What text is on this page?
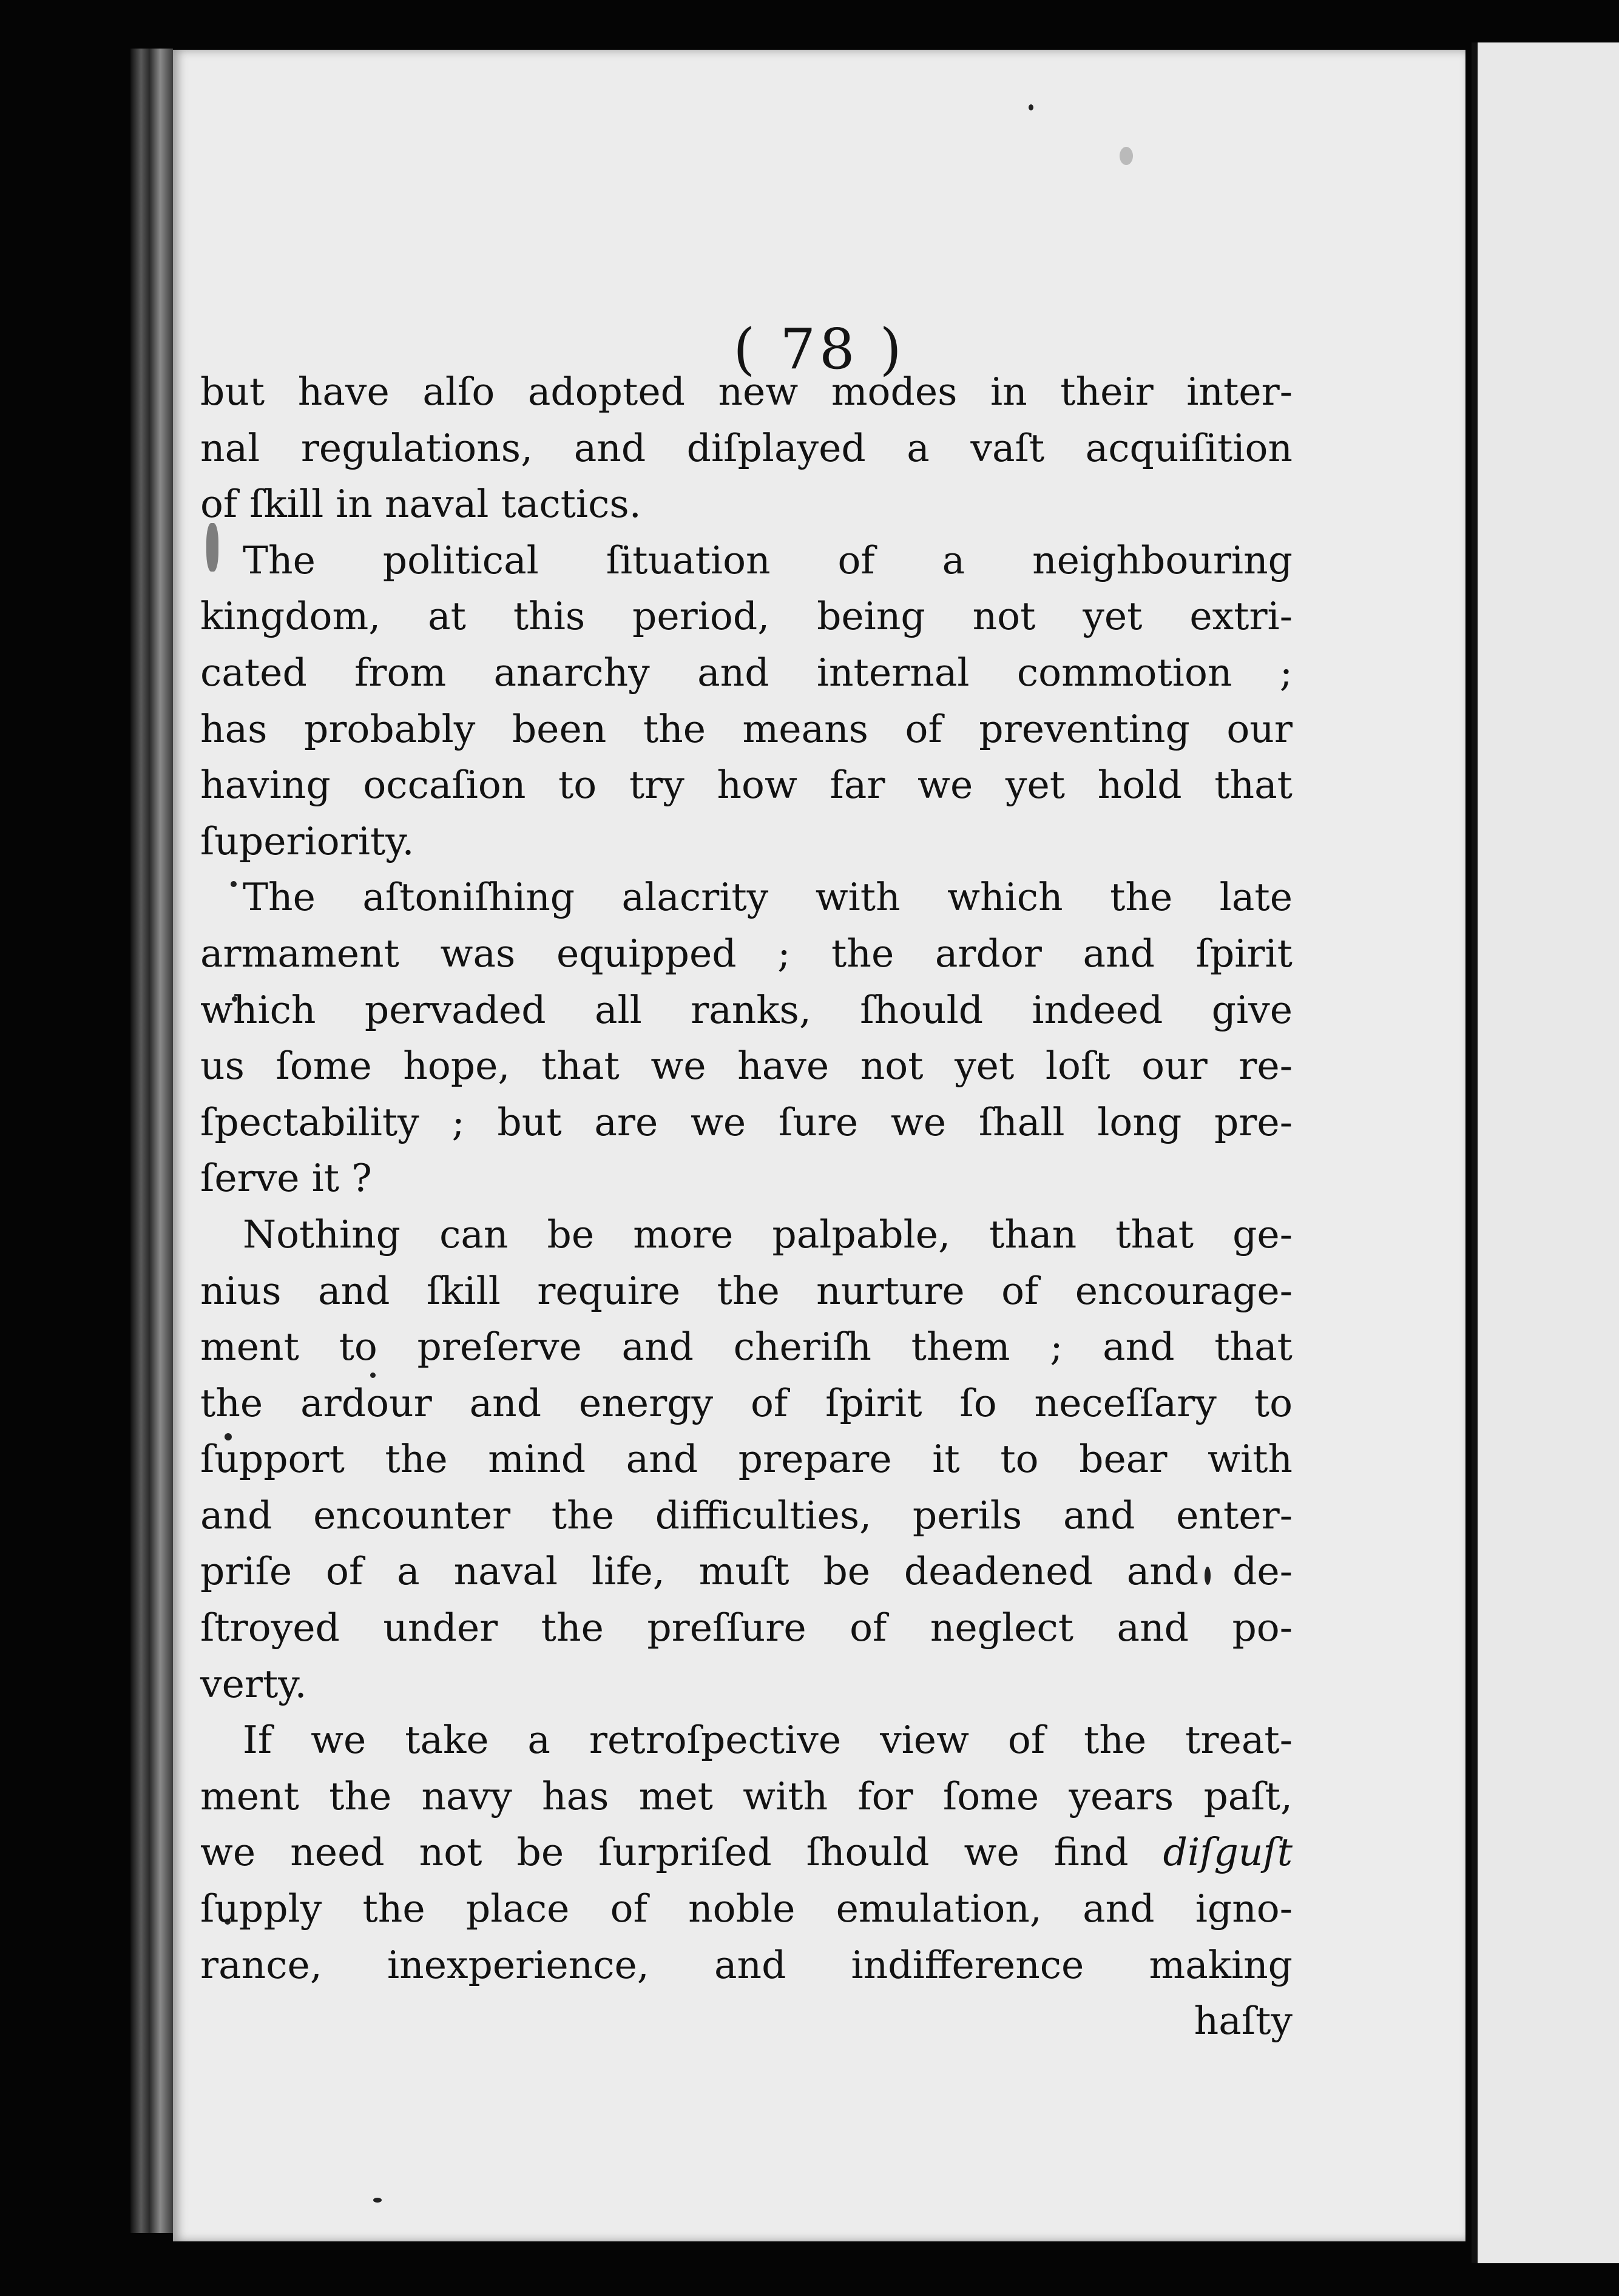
( 78 )
but have alſo adopted new modes in their inter-
nal regulations, and diſplayed a vaſt acquiſition
of ſkill in naval tactics.
The political ſituation of a neighbouring
kingdom, at this period, being not yet extri-
cated from anarchy and internal commotion ;
has probably been the means of preventing our
having occaſion to try how far we yet hold that
ſuperiority.
The aſtoniſhing alacrity with which the late
armament was equipped ; the ardor and ſpirit
which pervaded all ranks, ſhould indeed give
us ſome hope, that we have not yet loſt our re-
ſpectability ; but are we ſure we ſhall long pre-
ſerve it ?
Nothing can be more palpable, than that ge-
nius and ſkill require the nurture of encourage-
ment to preſerve and cheriſh them ; and that
the ardour and energy of ſpirit ſo neceſſary to
ſupport the mind and prepare it to bear with
and encounter the difficulties, perils and enter-
priſe of a naval life, muſt be deadened and de-
ſtroyed under the preſſure of neglect and po-
verty.
If we take a retroſpective view of the treat-
ment the navy has met with for ſome years paſt,
we need not be ſurpriſed ſhould we find diſguſt
ſupply the place of noble emulation, and igno-
rance, inexperience, and indifference making
haſty
